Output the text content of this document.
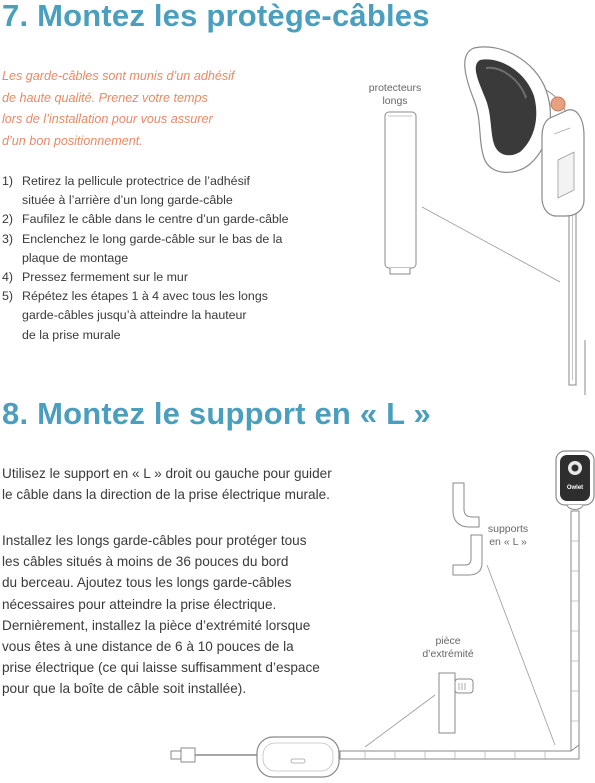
7. Montez les protège-câbles
Les garde-câbles sont munis d’un adhésif
de haute qualité. Prenez votre temps
lors de l’installation pour vous assurer
d’un bon positionnement.
1) Retirez la pellicule protectrice de l’adhésif
située à l’arrière d’un long garde-câble
2) Faufilez le câble dans le centre d’un garde-câble
3) Enclenchez le long garde-câble sur le bas de la
plaque de montage
4) Pressez fermement sur le mur
5) Répétez les étapes 1 à 4 avec tous les longs
garde-câbles jusqu’à atteindre la hauteur
de la prise murale
protecteurs
longs
8. Montez le support en « L »
Utilisez le support en « L » droit ou gauche pour guider
le câble dans la direction de la prise électrique murale.
Installez les longs garde-câbles pour protéger tous
les câbles situés à moins de 36 pouces du bord
du berceau. Ajoutez tous les longs garde-câbles
nécessaires pour atteindre la prise électrique.
Dernièrement, installez la pièce d’extrémité lorsque
vous êtes à une distance de 6 à 10 pouces de la
prise électrique (ce qui laisse suffisamment d’espace
pour que la boîte de câble soit installée).
supports
en « L »
pièce
d’extrémité
Owlet
